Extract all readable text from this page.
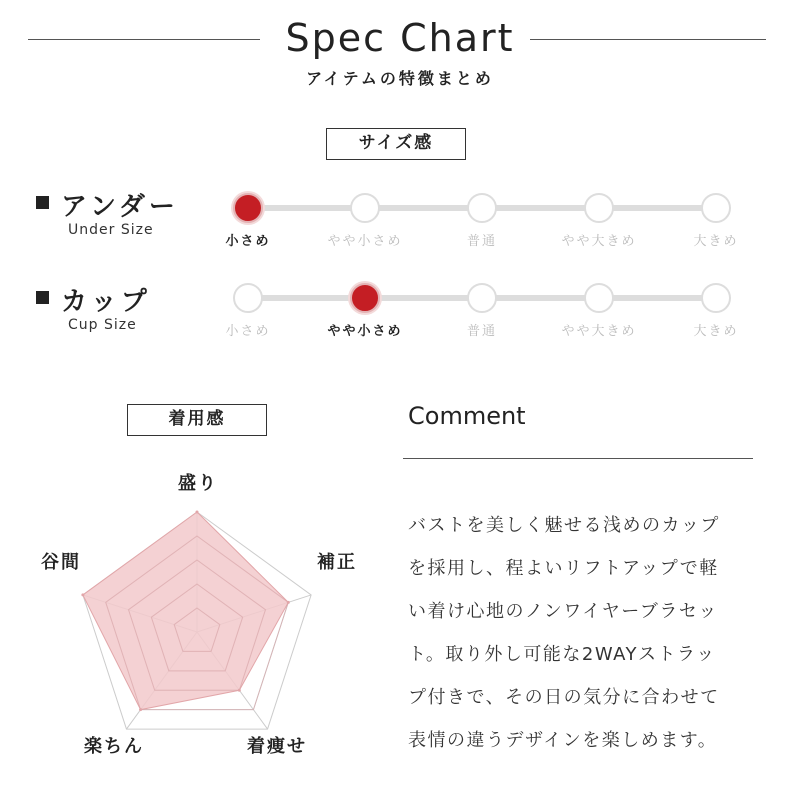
Spec Chart
アイテムの特徴まとめ
サイズ感
アンダー
Under Size
小さめ	やや小さめ	普通	やや大きめ	大きめ
カップ
Cup Size	小さめ	やや小さめ	普通	やや大きめ	大きめ
着用感
盛り
補正
着痩せ
楽ちん
谷間
Comment
バストを美しく魅せる浅めのカップ
を採用し、程よいリフトアップで軽
い着け心地のノンワイヤーブラセッ
ト。取り外し可能な2WAYストラッ
プ付きで、その日の気分に合わせて
表情の違うデザインを楽しめます。
